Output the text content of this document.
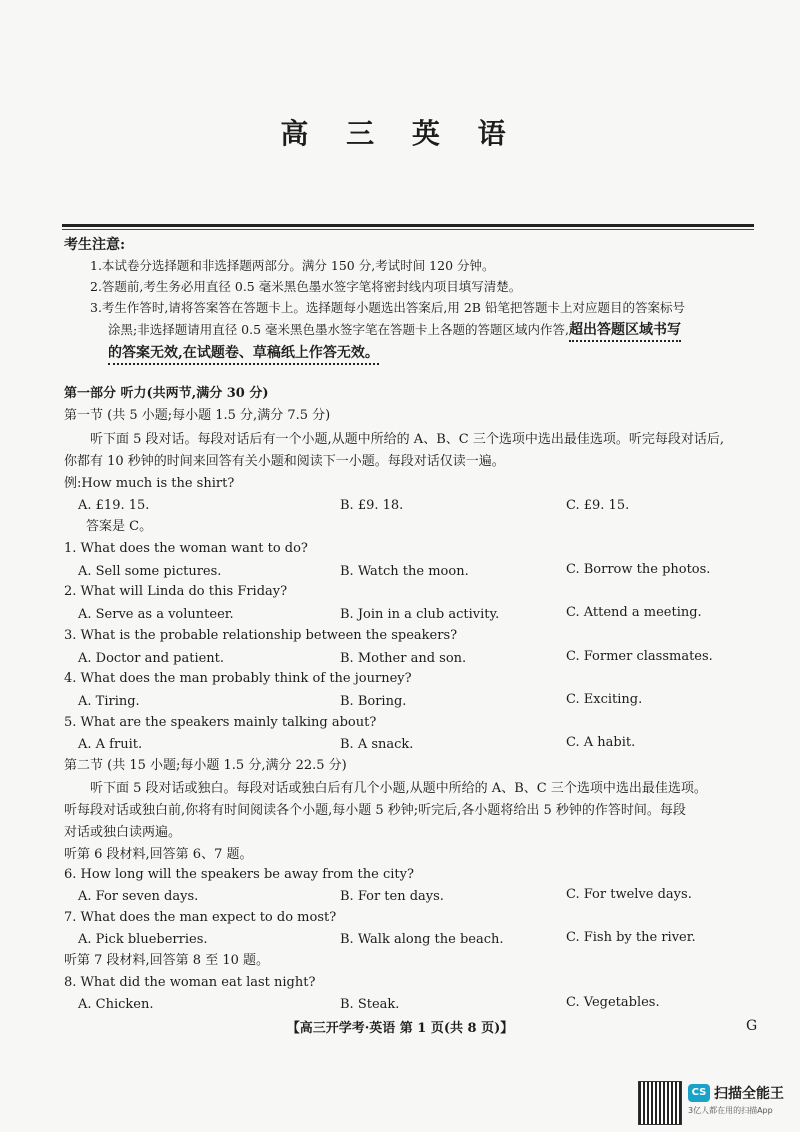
高 三 英 语
考生注意:
1.本试卷分选择题和非选择题两部分。满分 150 分,考试时间 120 分钟。
2.答题前,考生务必用直径 0.5 毫米黑色墨水签字笔将密封线内项目填写清楚。
3.考生作答时,请将答案答在答题卡上。选择题每小题选出答案后,用 2B 铅笔把答题卡上对应题目的答案标号
涂黑;非选择题请用直径 0.5 毫米黑色墨水签字笔在答题卡上各题的答题区域内作答,超出答题区域书写
的答案无效,在试题卷、草稿纸上作答无效。
第一部分 听力(共两节,满分 30 分)
第一节 (共 5 小题;每小题 1.5 分,满分 7.5 分)
听下面 5 段对话。每段对话后有一个小题,从题中所给的 A、B、C 三个选项中选出最佳选项。听完每段对话后,
你都有 10 秒钟的时间来回答有关小题和阅读下一小题。每段对话仅读一遍。
例:How much is the shirt?
A. £19. 15.	B. £9. 18.	C. £9. 15.
答案是 C。
1. What does the woman want to do?
A. Sell some pictures.	B. Watch the moon.	C. Borrow the photos.
2. What will Linda do this Friday?
A. Serve as a volunteer.	B. Join in a club activity.	C. Attend a meeting.
3. What is the probable relationship between the speakers?
A. Doctor and patient.	B. Mother and son.	C. Former classmates.
4. What does the man probably think of the journey?
A. Tiring.	B. Boring.	C. Exciting.
5. What are the speakers mainly talking about?
A. A fruit.	B. A snack.	C. A habit.
第二节 (共 15 小题;每小题 1.5 分,满分 22.5 分)
听下面 5 段对话或独白。每段对话或独白后有几个小题,从题中所给的 A、B、C 三个选项中选出最佳选项。
听每段对话或独白前,你将有时间阅读各个小题,每小题 5 秒钟;听完后,各小题将给出 5 秒钟的作答时间。每段
对话或独白读两遍。
听第 6 段材料,回答第 6、7 题。
6. How long will the speakers be away from the city?
A. For seven days.	B. For ten days.	C. For twelve days.
7. What does the man expect to do most?
A. Pick blueberries.	B. Walk along the beach.	C. Fish by the river.
听第 7 段材料,回答第 8 至 10 题。
8. What did the woman eat last night?
A. Chicken.	B. Steak.	C. Vegetables.
【高三开学考·英语 第 1 页(共 8 页)】	G
CS 扫描全能王
3亿人都在用的扫描App
